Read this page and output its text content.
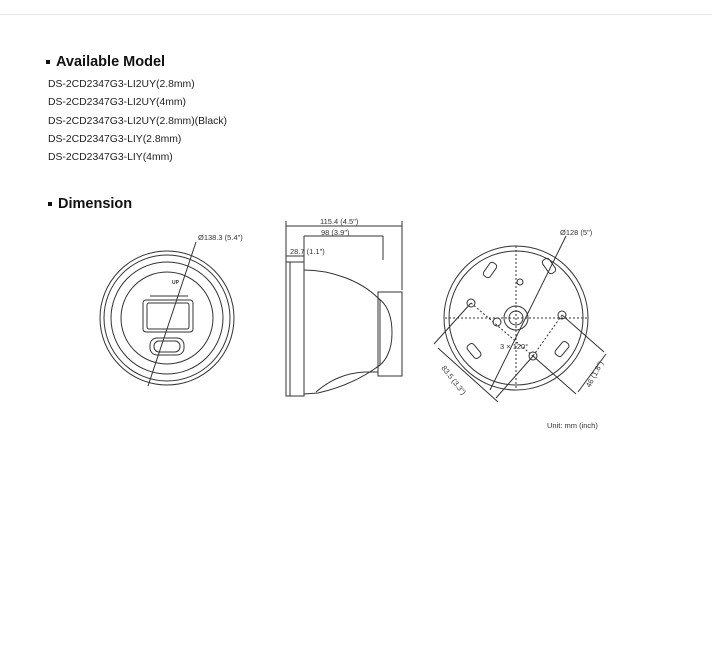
Available Model
DS-2CD2347G3-LI2UY(2.8mm)
DS-2CD2347G3-LI2UY(4mm)
DS-2CD2347G3-LI2UY(2.8mm)(Black)
DS-2CD2347G3-LIY(2.8mm)
DS-2CD2347G3-LIY(4mm)
Dimension
UP
Ø138.3 (5.4")
115.4 (4.5")
98 (3.9")
28.7 (1.1")
Ø128 (5")
3 × 120°
83.5 (3.3")	46 (1.8")
Unit: mm (inch)
